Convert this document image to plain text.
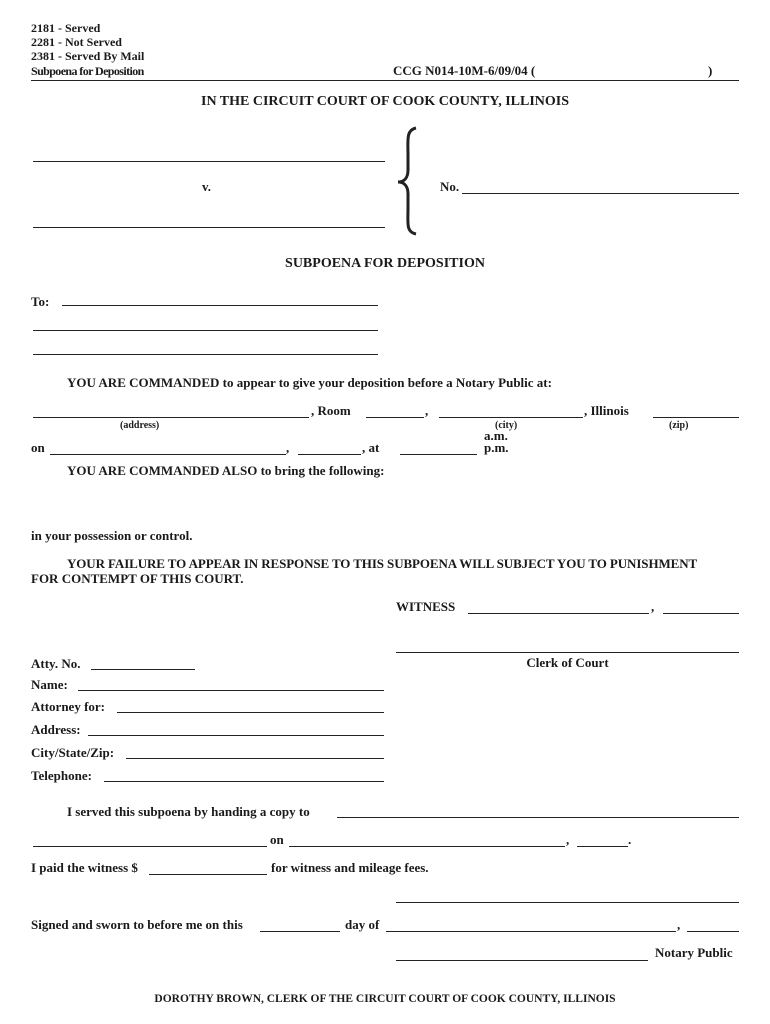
2181 - Served
2281 - Not Served
2381 - Served By Mail
Subpoena for Deposition	CCG N014-10M-6/09/04 (	)
IN THE CIRCUIT COURT OF COOK COUNTY, ILLINOIS
v.	No.
SUBPOENA FOR DEPOSITION
To:
YOU ARE COMMANDED to appear to give your deposition before a Notary Public at:
, Room	,	, Illinois
(address)	(city)	(zip)
on	,	, at
a.m.
p.m.
YOU ARE COMMANDED ALSO to bring the following:
in your possession or control.
YOUR FAILURE TO APPEAR IN RESPONSE TO THIS SUBPOENA WILL SUBJECT YOU TO PUNISHMENT
FOR CONTEMPT OF THIS COURT.
WITNESS	,
Clerk of Court
Atty. No.
Name:
Attorney for:
Address:
City/State/Zip:
Telephone:
I served this subpoena by handing a copy to
on	,	.
I paid the witness $	for witness and mileage fees.
Signed and sworn to before me on this	day of	,
Notary Public
DOROTHY BROWN, CLERK OF THE CIRCUIT COURT OF COOK COUNTY, ILLINOIS
